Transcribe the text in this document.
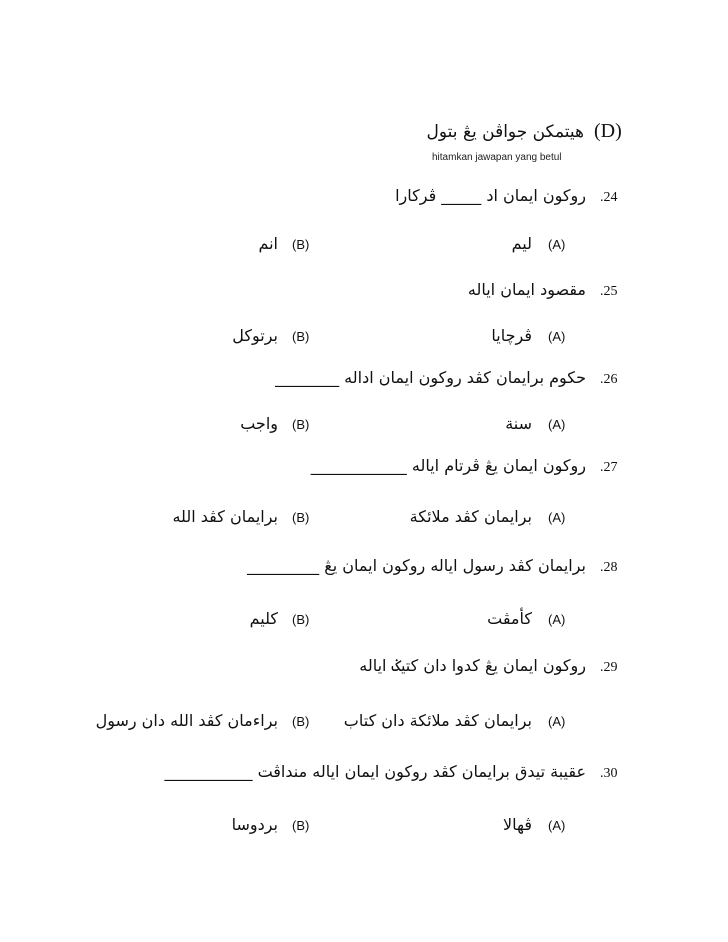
(D)
هيتمكن جواڤن يڠ بتول
hitamkan jawapan yang betul
.24
روکون ايمان اد _____ ڤرکارا
(A)
ليم
(B)
انم
.25
مقصود ايمان اياله
(A)
ڤرچايا
(B)
برتوکل
.26
حکوم برايمان کڤد روکون ايمان اداله ________
(A)
سنة
(B)
واجب
.27
روکون ايمان يڠ ڤرتام اياله ____________
(A)
برايمان کڤد ملائکة
(B)
برايمان کڤد الله
.28
برايمان کڤد رسول اياله روکون ايمان يڠ _________
(A)
کأمڤت
(B)
کليم
.29
روکون ايمان يڠ کدوا دان کتيݢ اياله
(A)
برايمان کڤد ملائکة دان کتاب
(B)
براءمان کڤد الله دان رسول
.30
عقيبة تيدق برايمان کڤد روکون ايمان اياله منداڤت ___________
(A)
ڤهالا
(B)
بردوسا
